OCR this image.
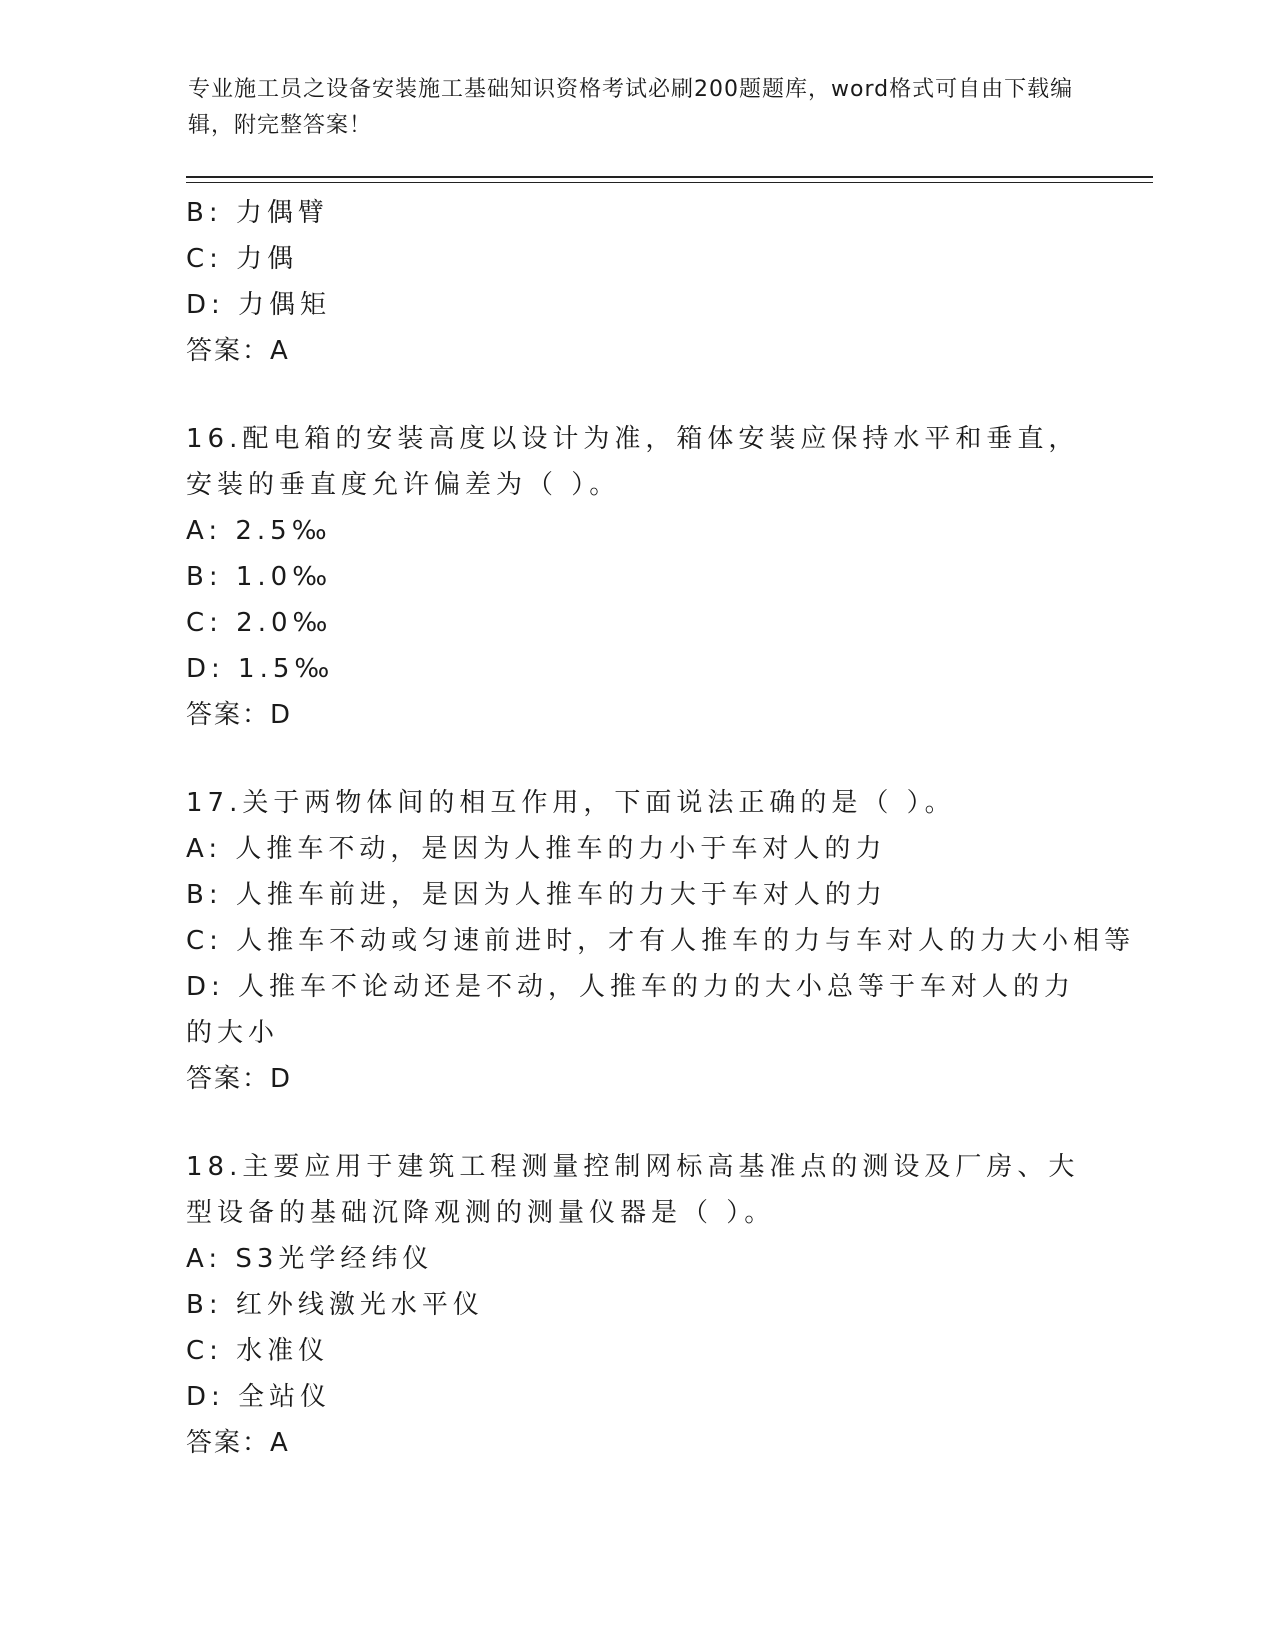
专业施工员之设备安装施工基础知识资格考试必刷200题题库，word格式可自由下载编辑，附完整答案！
B: 力偶臂
C: 力偶
D: 力偶矩
答案：A
16.配电箱的安装高度以设计为准，箱体安装应保持水平和垂直，安装的垂直度允许偏差为（ ）。
A: 2.5‰
B: 1.0‰
C: 2.0‰
D: 1.5‰
答案：D
17.关于两物体间的相互作用，下面说法正确的是（ ）。
A: 人推车不动，是因为人推车的力小于车对人的力
B: 人推车前进，是因为人推车的力大于车对人的力
C: 人推车不动或匀速前进时，才有人推车的力与车对人的力大小相等
D: 人推车不论动还是不动，人推车的力的大小总等于车对人的力的大小
答案：D
18.主要应用于建筑工程测量控制网标高基准点的测设及厂房、大型设备的基础沉降观测的测量仪器是（ ）。
A: S3光学经纬仪
B: 红外线激光水平仪
C: 水准仪
D: 全站仪
答案：A
